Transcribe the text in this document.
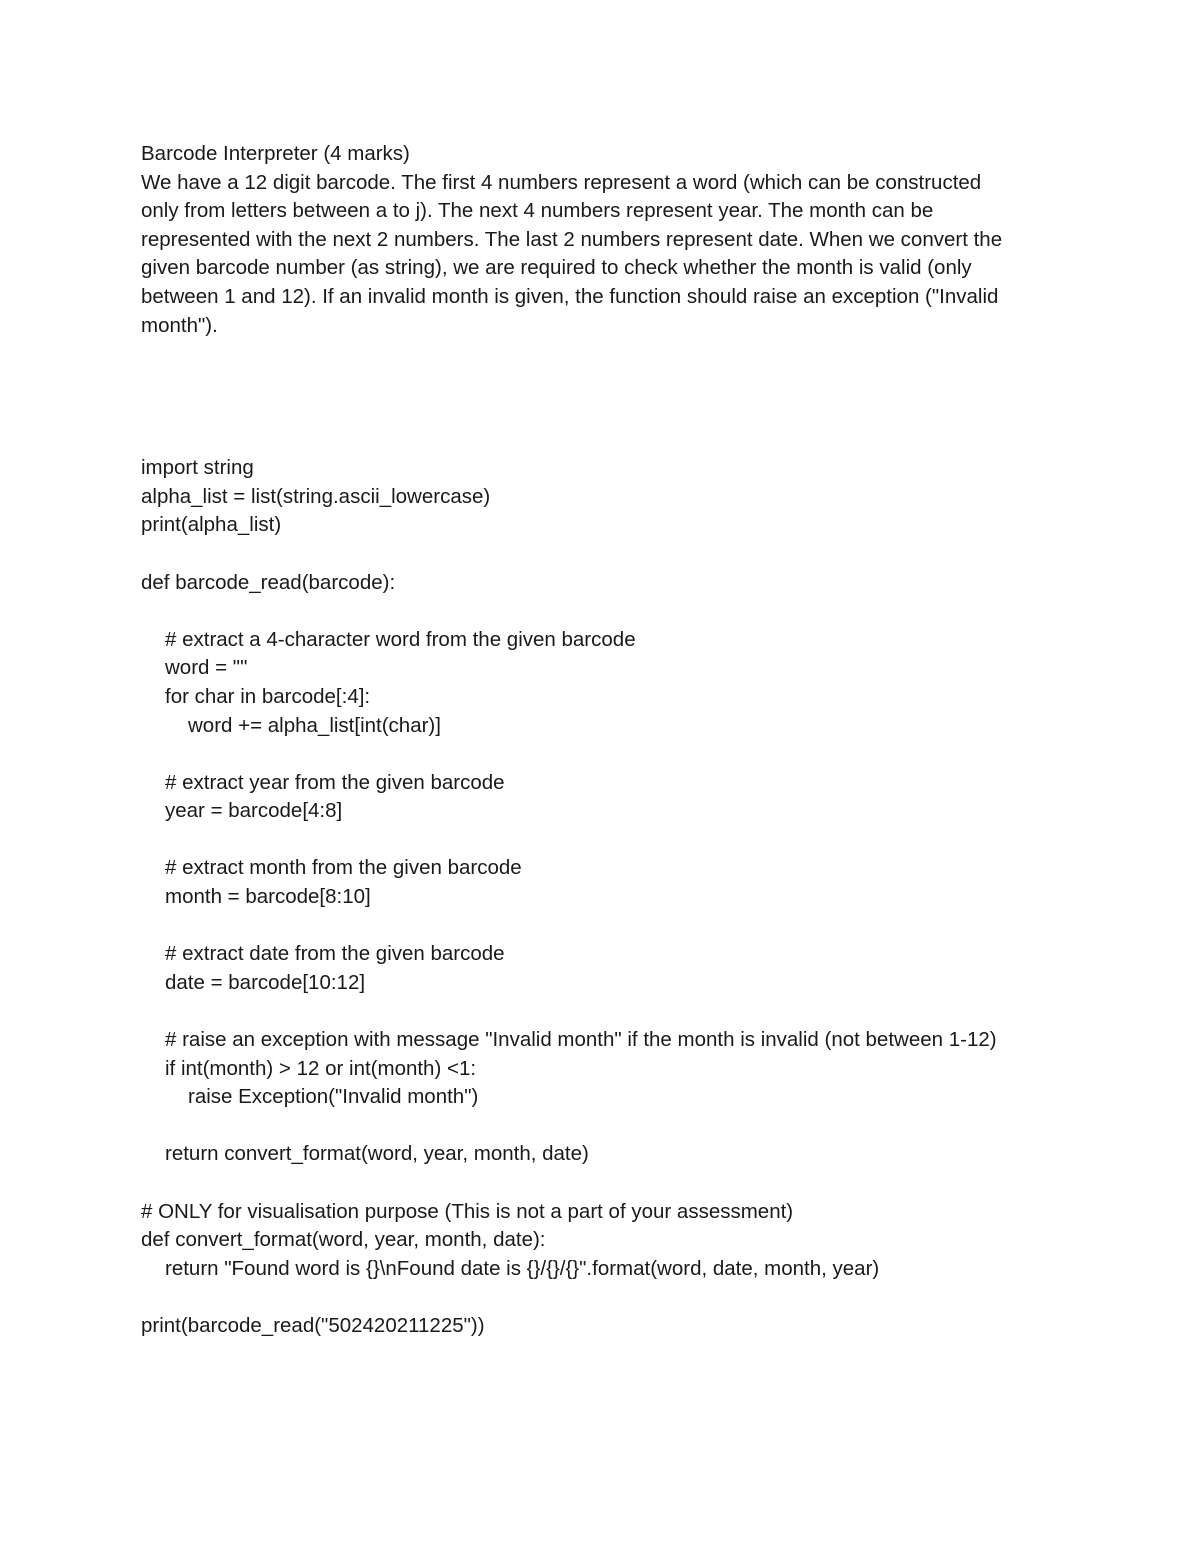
Barcode Interpreter (4 marks)
We have a 12 digit barcode. The first 4 numbers represent a word (which can be constructed
only from letters between a to j). The next 4 numbers represent year. The month can be
represented with the next 2 numbers. The last 2 numbers represent date. When we convert the
given barcode number (as string), we are required to check whether the month is valid (only
between 1 and 12). If an invalid month is given, the function should raise an exception ("Invalid
month").
import string
alpha_list = list(string.ascii_lowercase)
print(alpha_list)
def barcode_read(barcode):
# extract a 4-character word from the given barcode
word = ""
for char in barcode[:4]:
word += alpha_list[int(char)]
# extract year from the given barcode
year = barcode[4:8]
# extract month from the given barcode
month = barcode[8:10]
# extract date from the given barcode
date = barcode[10:12]
# raise an exception with message "Invalid month" if the month is invalid (not between 1-12)
if int(month) > 12 or int(month) <1:
raise Exception("Invalid month")
return convert_format(word, year, month, date)
# ONLY for visualisation purpose (This is not a part of your assessment)
def convert_format(word, year, month, date):
return "Found word is {}\nFound date is {}/{}/{}".format(word, date, month, year)
print(barcode_read("502420211225"))
